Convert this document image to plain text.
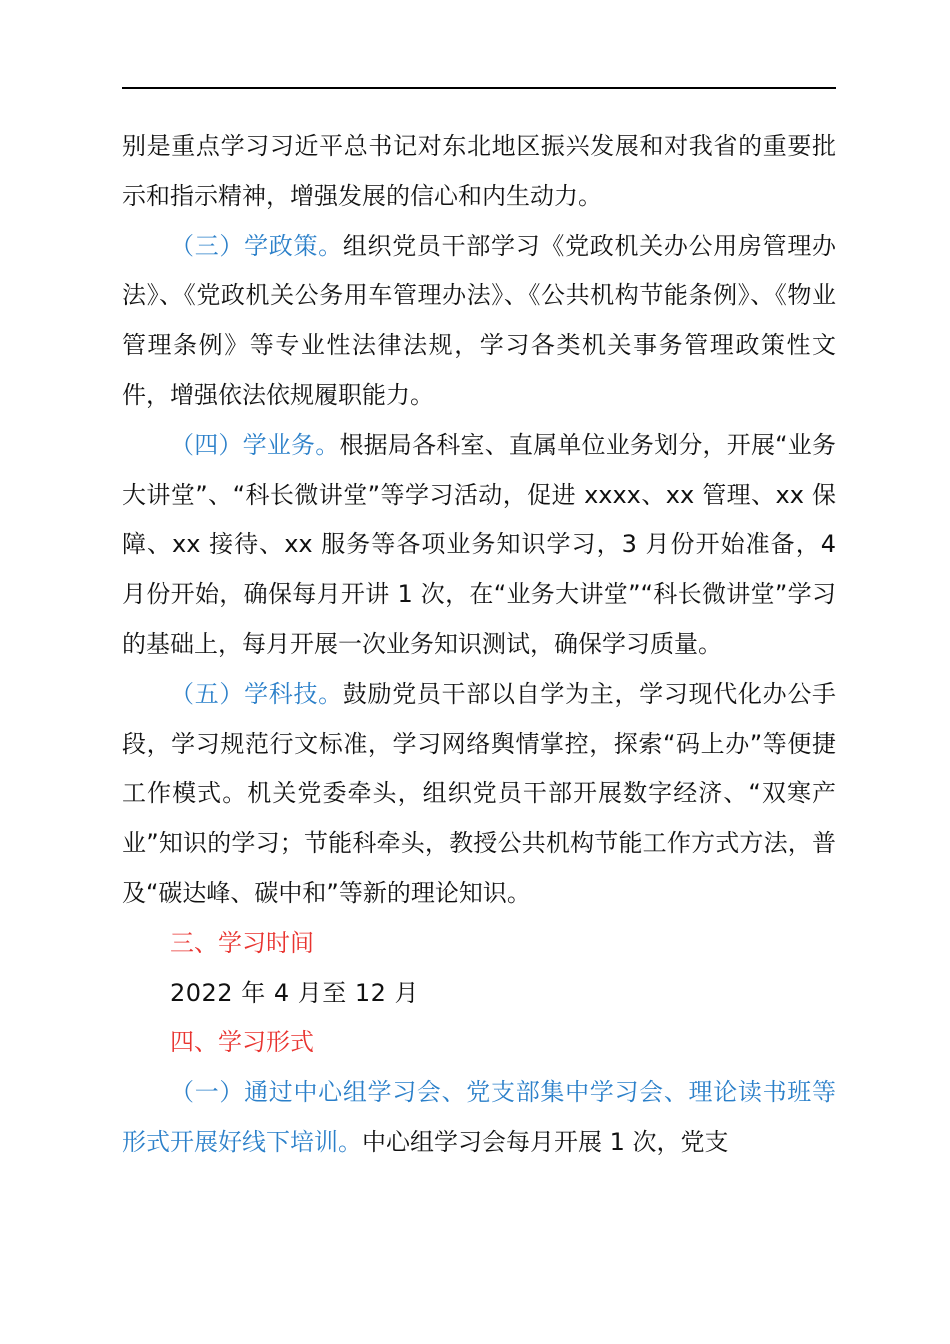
别是重点学习习近平总书记对东北地区振兴发展和对我省的重要批示和指示精神，增强发展的信心和内生动力。

（三）学政策。组织党员干部学习《党政机关办公用房管理办法》、《党政机关公务用车管理办法》、《公共机构节能条例》、《物业管理条例》等专业性法律法规，学习各类机关事务管理政策性文件，增强依法依规履职能力。

（四）学业务。根据局各科室、直属单位业务划分，开展“业务大讲堂”、“科长微讲堂”等学习活动，促进 xxxx、xx 管理、xx 保障、xx 接待、xx 服务等各项业务知识学习，3 月份开始准备，4 月份开始，确保每月开讲 1 次，在“业务大讲堂”“科长微讲堂”学习的基础上，每月开展一次业务知识测试，确保学习质量。

（五）学科技。鼓励党员干部以自学为主，学习现代化办公手段，学习规范行文标准，学习网络舆情掌控，探索“码上办”等便捷工作模式。机关党委牵头，组织党员干部开展数字经济、“双寒产业”知识的学习；节能科牵头，教授公共机构节能工作方式方法，普及“碳达峰、碳中和”等新的理论知识。

三、学习时间

2022 年 4 月至 12 月

四、学习形式

（一）通过中心组学习会、党支部集中学习会、理论读书班等形式开展好线下培训。中心组学习会每月开展 1 次，党支
